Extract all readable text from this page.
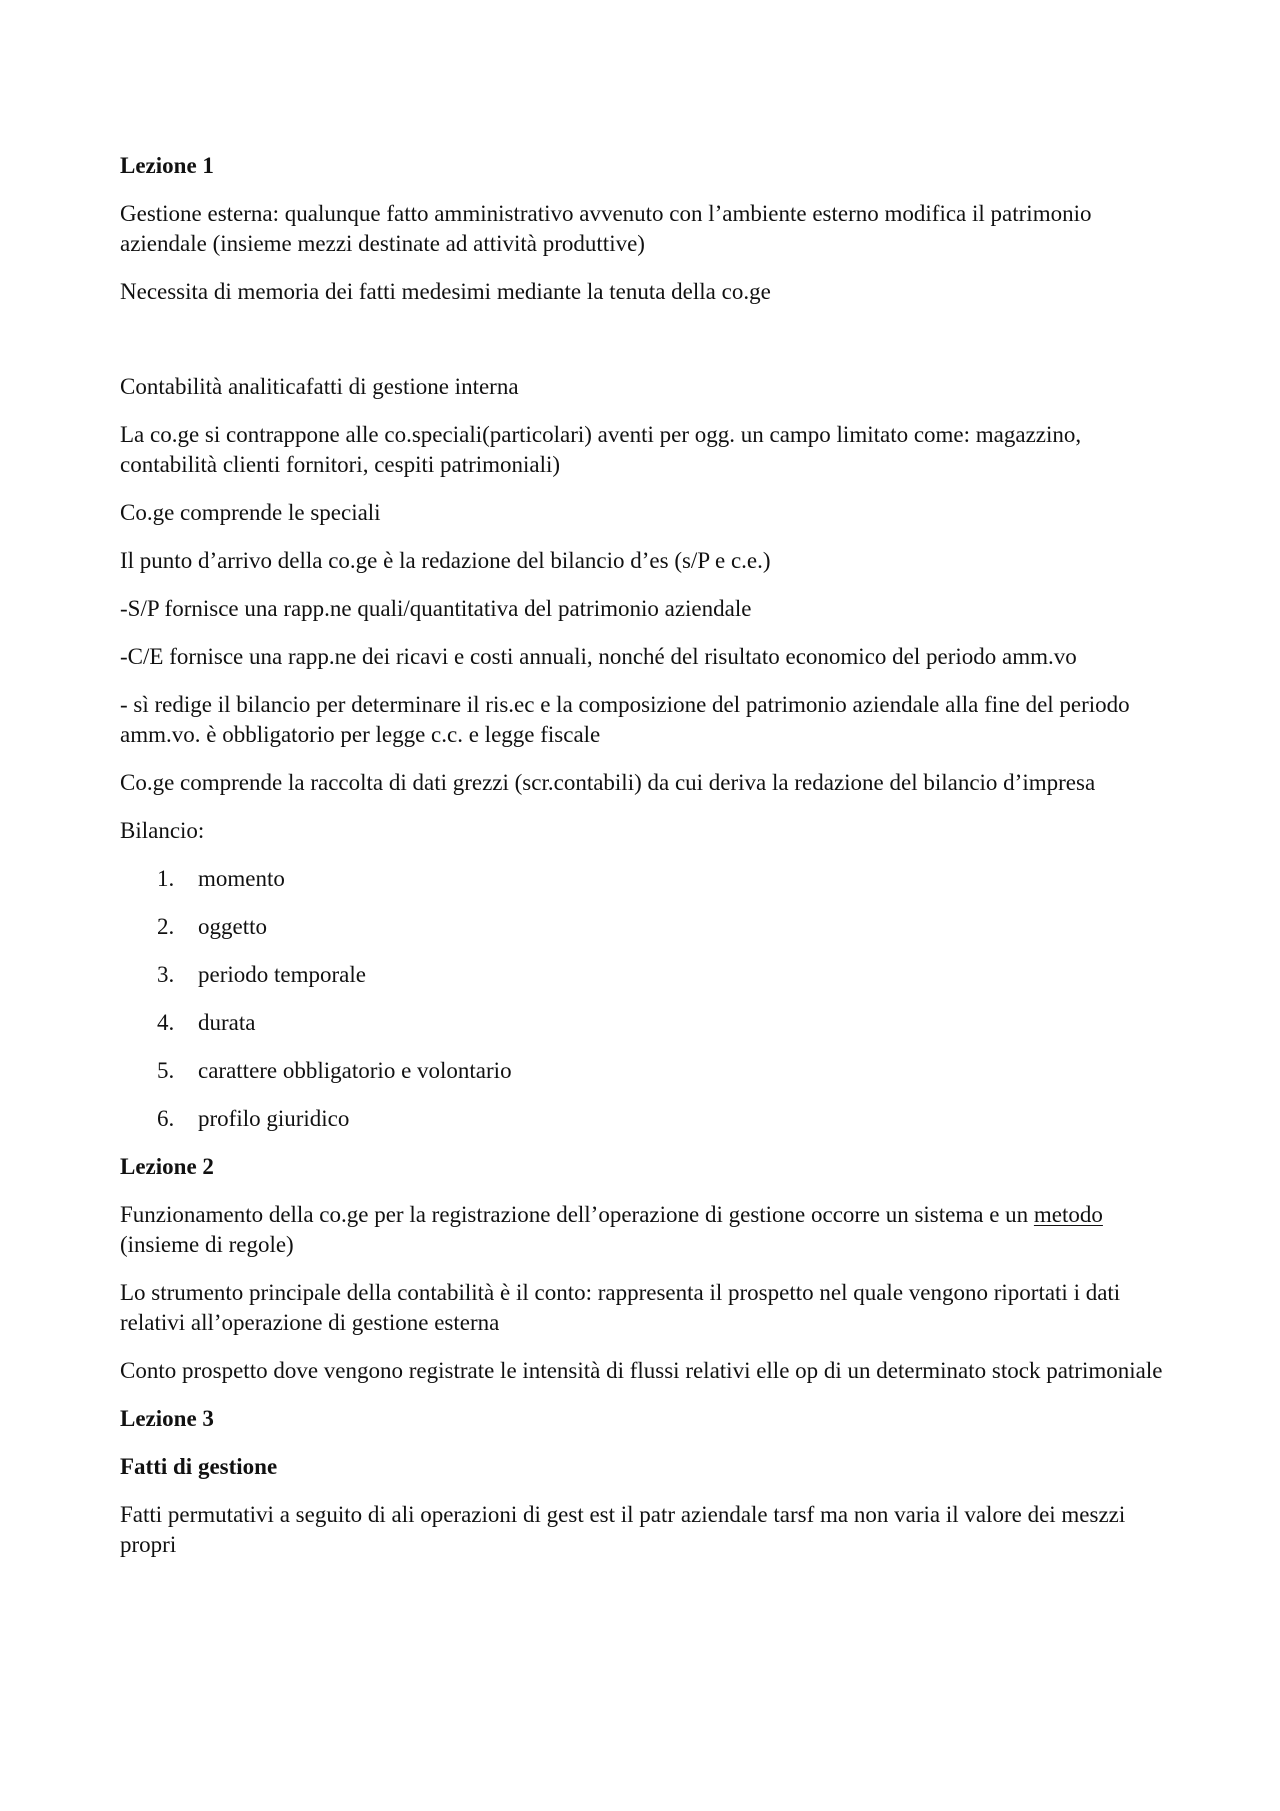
Lezione 1

Gestione esterna: qualunque fatto amministrativo avvenuto con l’ambiente esterno modifica il patrimonio aziendale (insieme mezzi destinate ad attività produttive)

Necessita di memoria dei fatti medesimi mediante la tenuta della co.ge

Contabilità analiticafatti di gestione interna

La co.ge si contrappone alle co.speciali(particolari) aventi per ogg. un campo limitato come: magazzino, contabilità clienti fornitori, cespiti patrimoniali)

Co.ge comprende le speciali

Il punto d’arrivo della co.ge è la redazione del bilancio d’es (s/P e c.e.)

-S/P fornisce una rapp.ne quali/quantitativa del patrimonio aziendale

-C/E fornisce una rapp.ne dei ricavi e costi annuali, nonché del risultato economico del periodo amm.vo

- sì redige il bilancio per determinare il ris.ec e la composizione del patrimonio aziendale alla fine del periodo amm.vo. è obbligatorio per legge c.c. e legge fiscale

Co.ge comprende la raccolta di dati grezzi (scr.contabili) da cui deriva la redazione del bilancio d’impresa

Bilancio:

1. momento
2. oggetto
3. periodo temporale
4. durata
5. carattere obbligatorio e volontario
6. profilo giuridico
Lezione 2

Funzionamento della co.ge per la registrazione dell’operazione di gestione occorre un sistema e un metodo (insieme di regole)

Lo strumento principale della contabilità è il conto: rappresenta il prospetto nel quale vengono riportati i dati relativi all’operazione di gestione esterna

Conto prospetto dove vengono registrate le intensità di flussi relativi elle op di un determinato stock patrimoniale

Lezione 3
Fatti di gestione

Fatti permutativi a seguito di ali operazioni di gest est il patr aziendale tarsf ma non varia il valore dei meszzi propri
